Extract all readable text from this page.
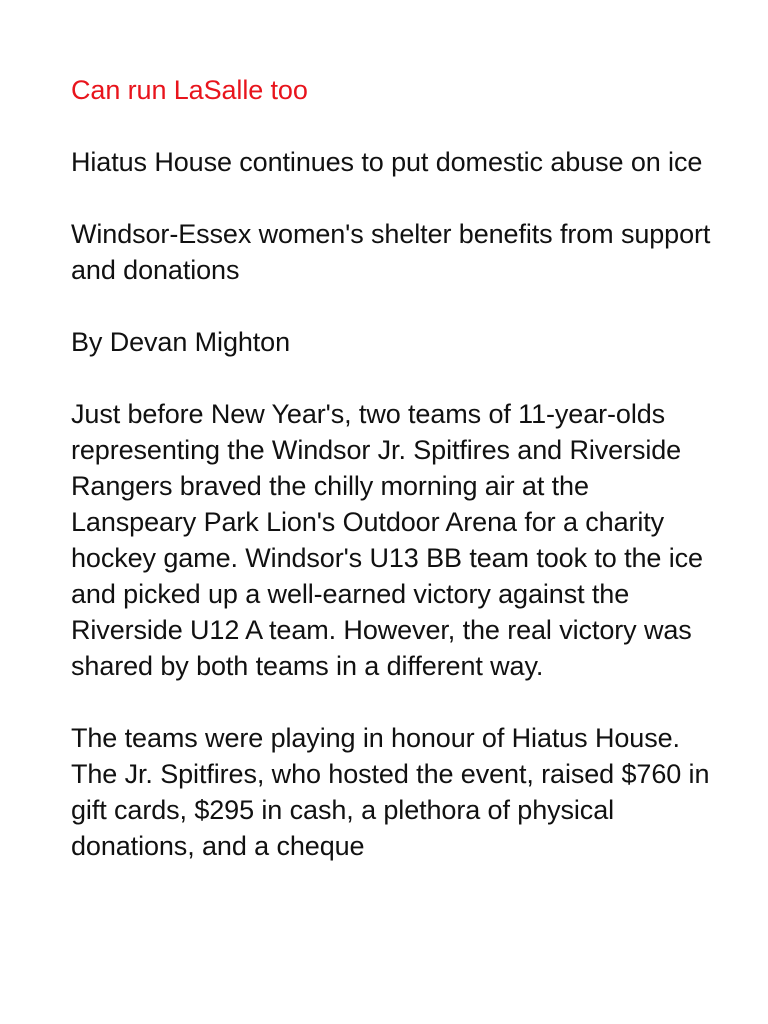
Can run LaSalle too

Hiatus House continues to put domestic abuse on ice

Windsor-Essex women's shelter benefits from support and donations

By Devan Mighton

Just before New Year's, two teams of 11-year-olds representing the Windsor Jr. Spitfires and Riverside Rangers braved the chilly morning air at the Lanspeary Park Lion's Outdoor Arena for a charity hockey game. Windsor's U13 BB team took to the ice and picked up a well-earned victory against the Riverside U12 A team. However, the real victory was shared by both teams in a different way.

The teams were playing in honour of Hiatus House. The Jr. Spitfires, who hosted the event, raised $760 in gift cards, $295 in cash, a plethora of physical donations, and a cheque
